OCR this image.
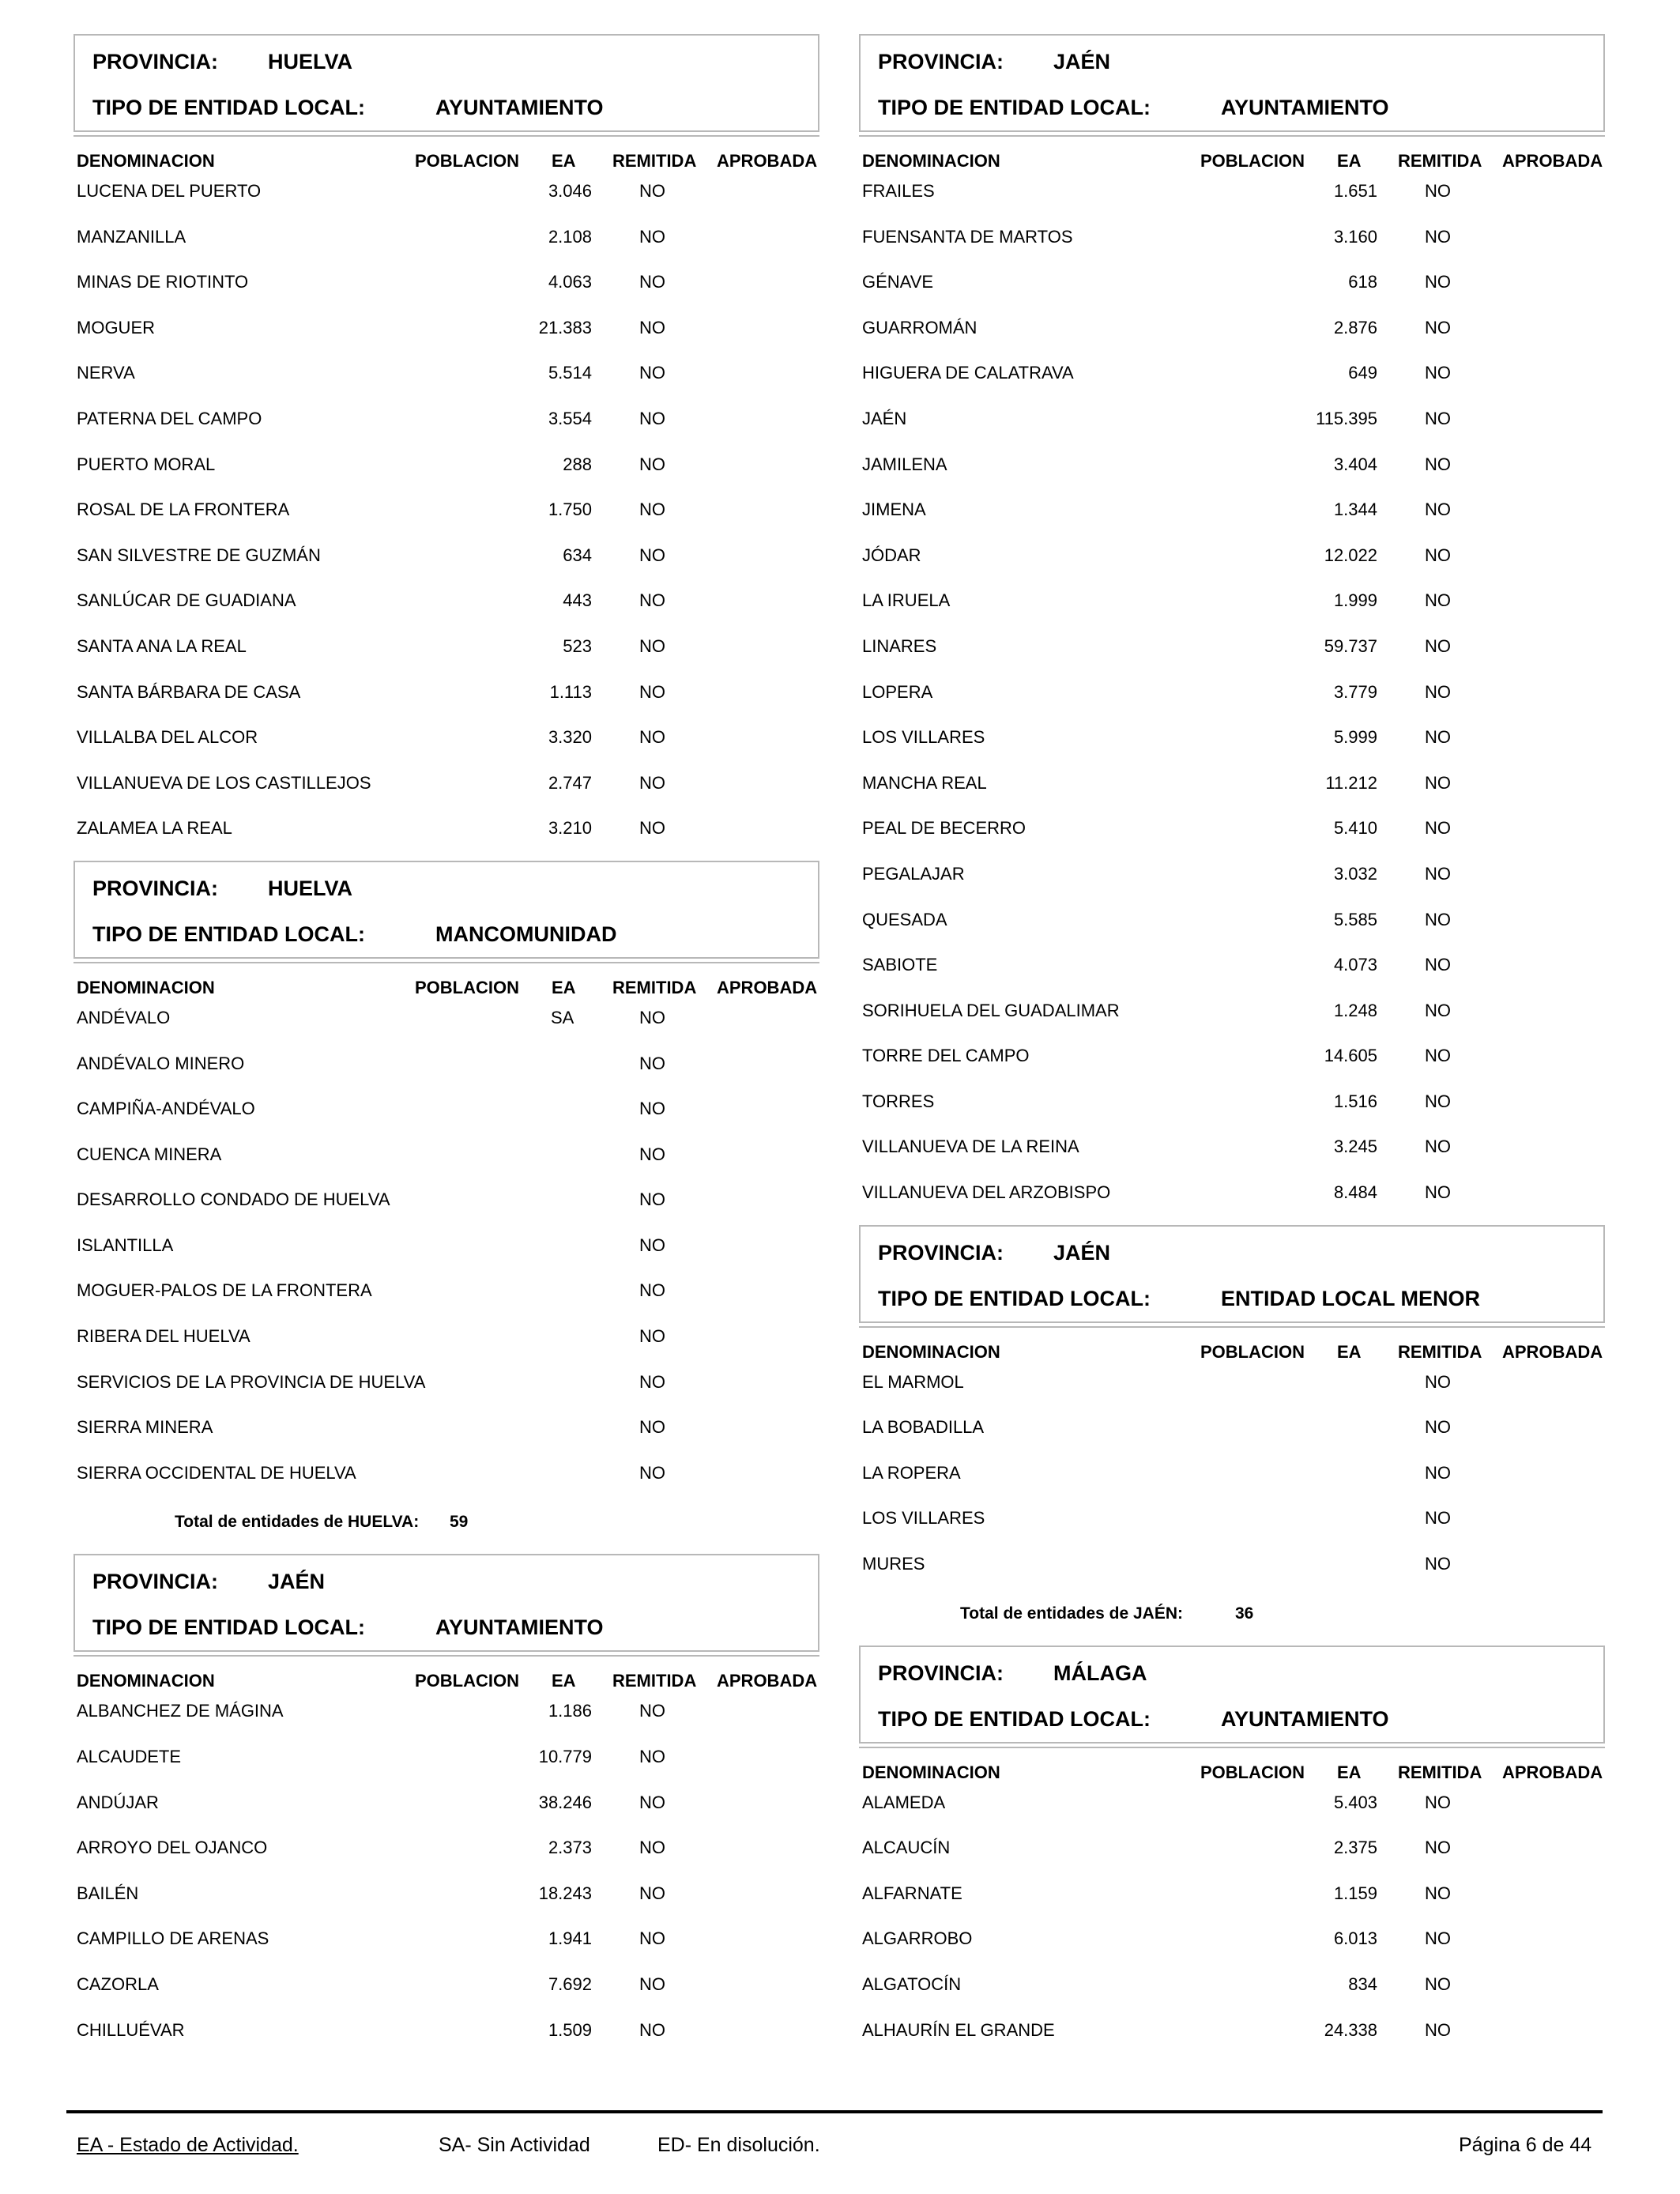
PROVINCIA: HUELVA
TIPO DE ENTIDAD LOCAL:	AYUNTAMIENTO
DENOMINACION	POBLACION EA REMITIDA APROBADA
LUCENA DEL PUERTO	3.046	NO
MANZANILLA	2.108	NO
MINAS DE RIOTINTO	4.063	NO
MOGUER	21.383	NO
NERVA	5.514	NO
PATERNA DEL CAMPO	3.554	NO
PUERTO MORAL	288	NO
ROSAL DE LA FRONTERA	1.750	NO
SAN SILVESTRE DE GUZMÁN	634	NO
SANLÚCAR DE GUADIANA	443	NO
SANTA ANA LA REAL	523	NO
SANTA BÁRBARA DE CASA	1.113	NO
VILLALBA DEL ALCOR	3.320	NO
VILLANUEVA DE LOS CASTILLEJOS	2.747	NO
ZALAMEA LA REAL	3.210	NO
PROVINCIA: HUELVA
TIPO DE ENTIDAD LOCAL:	MANCOMUNIDAD
DENOMINACION	POBLACION EA REMITIDA APROBADA
ANDÉVALO	SA	NO
ANDÉVALO MINERO	NO
CAMPIÑA-ANDÉVALO	NO
CUENCA MINERA	NO
DESARROLLO CONDADO DE HUELVA	NO
ISLANTILLA	NO
MOGUER-PALOS DE LA FRONTERA	NO
RIBERA DEL HUELVA	NO
SERVICIOS DE LA PROVINCIA DE HUELVA	NO
SIERRA MINERA	NO
SIERRA OCCIDENTAL DE HUELVA	NO
Total de entidades de HUELVA: 59
PROVINCIA: JAÉN
TIPO DE ENTIDAD LOCAL:	AYUNTAMIENTO
DENOMINACION	POBLACION EA REMITIDA APROBADA
ALBANCHEZ DE MÁGINA	1.186	NO
ALCAUDETE	10.779	NO
ANDÚJAR	38.246	NO
ARROYO DEL OJANCO	2.373	NO
BAILÉN	18.243	NO
CAMPILLO DE ARENAS	1.941	NO
CAZORLA	7.692	NO
CHILLUÉVAR	1.509	NO
PROVINCIA: JAÉN
TIPO DE ENTIDAD LOCAL:	AYUNTAMIENTO
DENOMINACION	POBLACION EA REMITIDA APROBADA
FRAILES	1.651	NO
FUENSANTA DE MARTOS	3.160	NO
GÉNAVE	618	NO
GUARROMÁN	2.876	NO
HIGUERA DE CALATRAVA	649	NO
JAÉN	115.395	NO
JAMILENA	3.404	NO
JIMENA	1.344	NO
JÓDAR	12.022	NO
LA IRUELA	1.999	NO
LINARES	59.737	NO
LOPERA	3.779	NO
LOS VILLARES	5.999	NO
MANCHA REAL	11.212	NO
PEAL DE BECERRO	5.410	NO
PEGALAJAR	3.032	NO
QUESADA	5.585	NO
SABIOTE	4.073	NO
SORIHUELA DEL GUADALIMAR	1.248	NO
TORRE DEL CAMPO	14.605	NO
TORRES	1.516	NO
VILLANUEVA DE LA REINA	3.245	NO
VILLANUEVA DEL ARZOBISPO	8.484	NO
PROVINCIA: JAÉN
TIPO DE ENTIDAD LOCAL:	ENTIDAD LOCAL MENOR
DENOMINACION	POBLACION EA REMITIDA APROBADA
EL MARMOL	NO
LA BOBADILLA	NO
LA ROPERA	NO
LOS VILLARES	NO
MURES	NO
Total de entidades de JAÉN:	36
PROVINCIA: MÁLAGA
TIPO DE ENTIDAD LOCAL:	AYUNTAMIENTO
DENOMINACION	POBLACION EA REMITIDA APROBADA
ALAMEDA	5.403	NO
ALCAUCÍN	2.375	NO
ALFARNATE	1.159	NO
ALGARROBO	6.013	NO
ALGATOCÍN	834	NO
ALHAURÍN EL GRANDE	24.338	NO
EA - Estado de Actividad.	SA- Sin Actividad	ED- En disolución.	Página 6 de 44
